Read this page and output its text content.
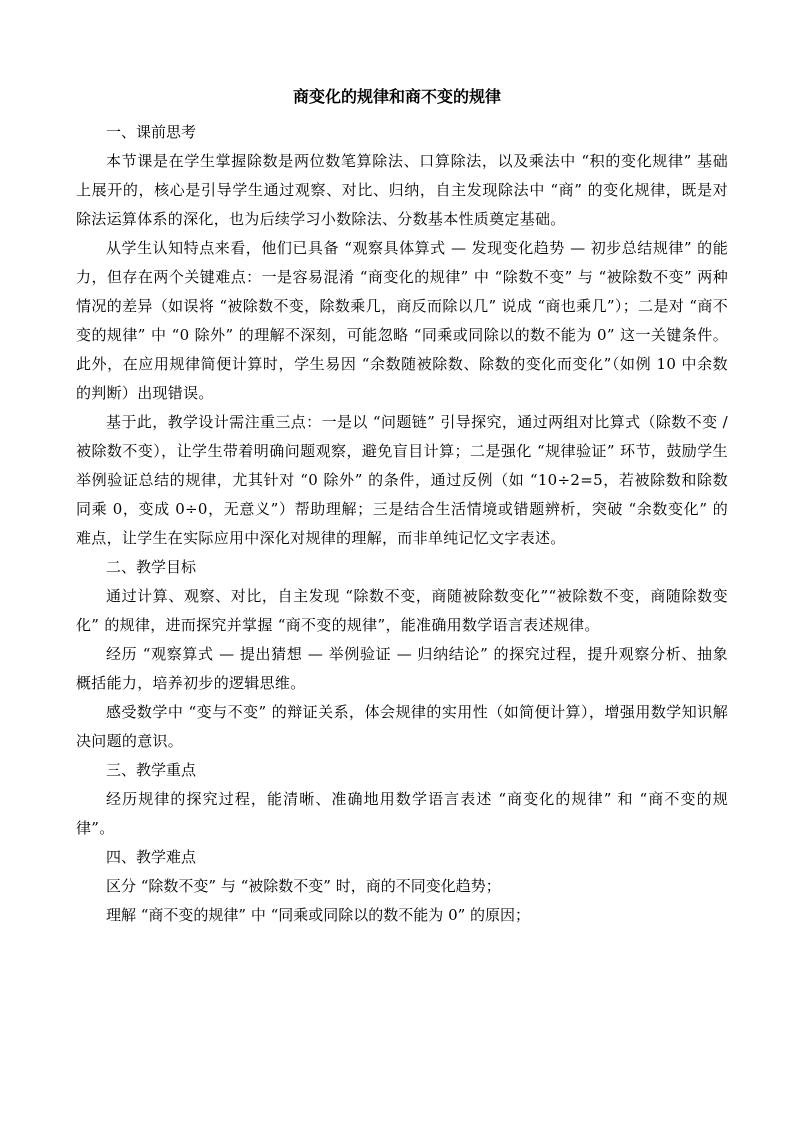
商变化的规律和商不变的规律

一、课前思考

本节课是在学生掌握除数是两位数笔算除法、口算除法，以及乘法中 “积的变化规律” 基础上展开的，核心是引导学生通过观察、对比、归纳，自主发现除法中 “商” 的变化规律，既是对除法运算体系的深化，也为后续学习小数除法、分数基本性质奠定基础。

从学生认知特点来看，他们已具备 “观察具体算式 — 发现变化趋势 — 初步总结规律” 的能力，但存在两个关键难点：一是容易混淆 “商变化的规律” 中 “除数不变” 与 “被除数不变” 两种情况的差异（如误将 “被除数不变，除数乘几，商反而除以几” 说成 “商也乘几”）；二是对 “商不变的规律” 中 “0 除外” 的理解不深刻，可能忽略 “同乘或同除以的数不能为 0” 这一关键条件。此外，在应用规律简便计算时，学生易因 “余数随被除数、除数的变化而变化”（如例 10 中余数的判断）出现错误。

基于此，教学设计需注重三点：一是以 “问题链” 引导探究，通过两组对比算式（除数不变 / 被除数不变），让学生带着明确问题观察，避免盲目计算；二是强化 “规律验证” 环节，鼓励学生举例验证总结的规律，尤其针对 “0 除外” 的条件，通过反例（如 “10÷2=5，若被除数和除数同乘 0，变成 0÷0，无意义”）帮助理解；三是结合生活情境或错题辨析，突破 “余数变化” 的难点，让学生在实际应用中深化对规律的理解，而非单纯记忆文字表述。

二、教学目标

通过计算、观察、对比，自主发现 “除数不变，商随被除数变化”“被除数不变，商随除数变化” 的规律，进而探究并掌握 “商不变的规律”，能准确用数学语言表述规律。

经历 “观察算式 — 提出猜想 — 举例验证 — 归纳结论” 的探究过程，提升观察分析、抽象概括能力，培养初步的逻辑思维。

感受数学中 “变与不变” 的辩证关系，体会规律的实用性（如简便计算），增强用数学知识解决问题的意识。

三、教学重点

经历规律的探究过程，能清晰、准确地用数学语言表述 “商变化的规律” 和 “商不变的规律”。

四、教学难点

区分 “除数不变” 与 “被除数不变” 时，商的不同变化趋势；

理解 “商不变的规律” 中 “同乘或同除以的数不能为 0” 的原因；
